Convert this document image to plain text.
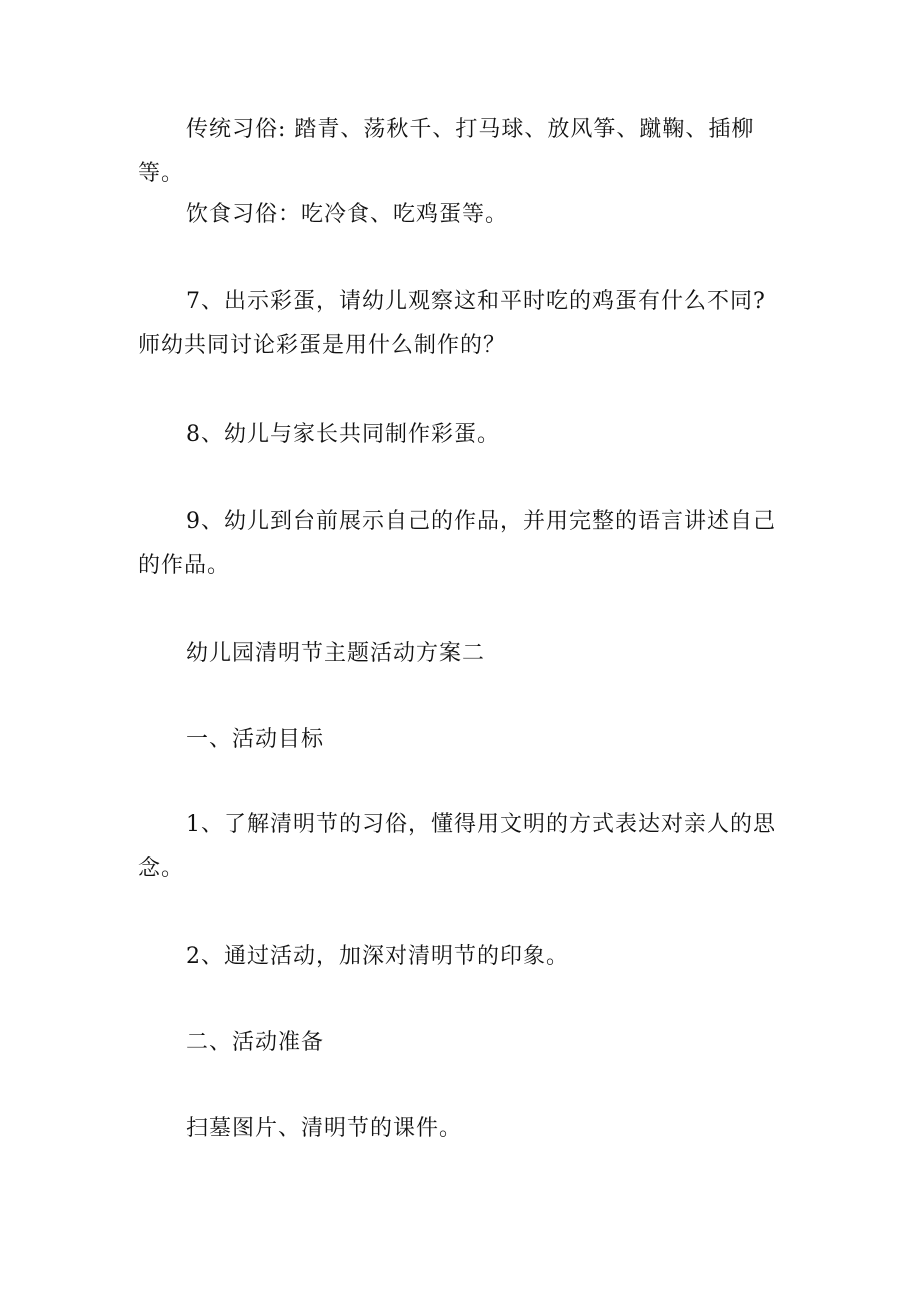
传统习俗: 踏青、荡秋千、打马球、放风筝、蹴鞠、插柳等。

饮食习俗：吃冷食、吃鸡蛋等。

7、出示彩蛋，请幼儿观察这和平时吃的鸡蛋有什么不同?师幼共同讨论彩蛋是用什么制作的？

8、幼儿与家长共同制作彩蛋。

9、幼儿到台前展示自己的作品，并用完整的语言讲述自己的作品。

幼儿园清明节主题活动方案二

一、活动目标

1、了解清明节的习俗，懂得用文明的方式表达对亲人的思念。

2、通过活动，加深对清明节的印象。

二、活动准备

扫墓图片、清明节的课件。
